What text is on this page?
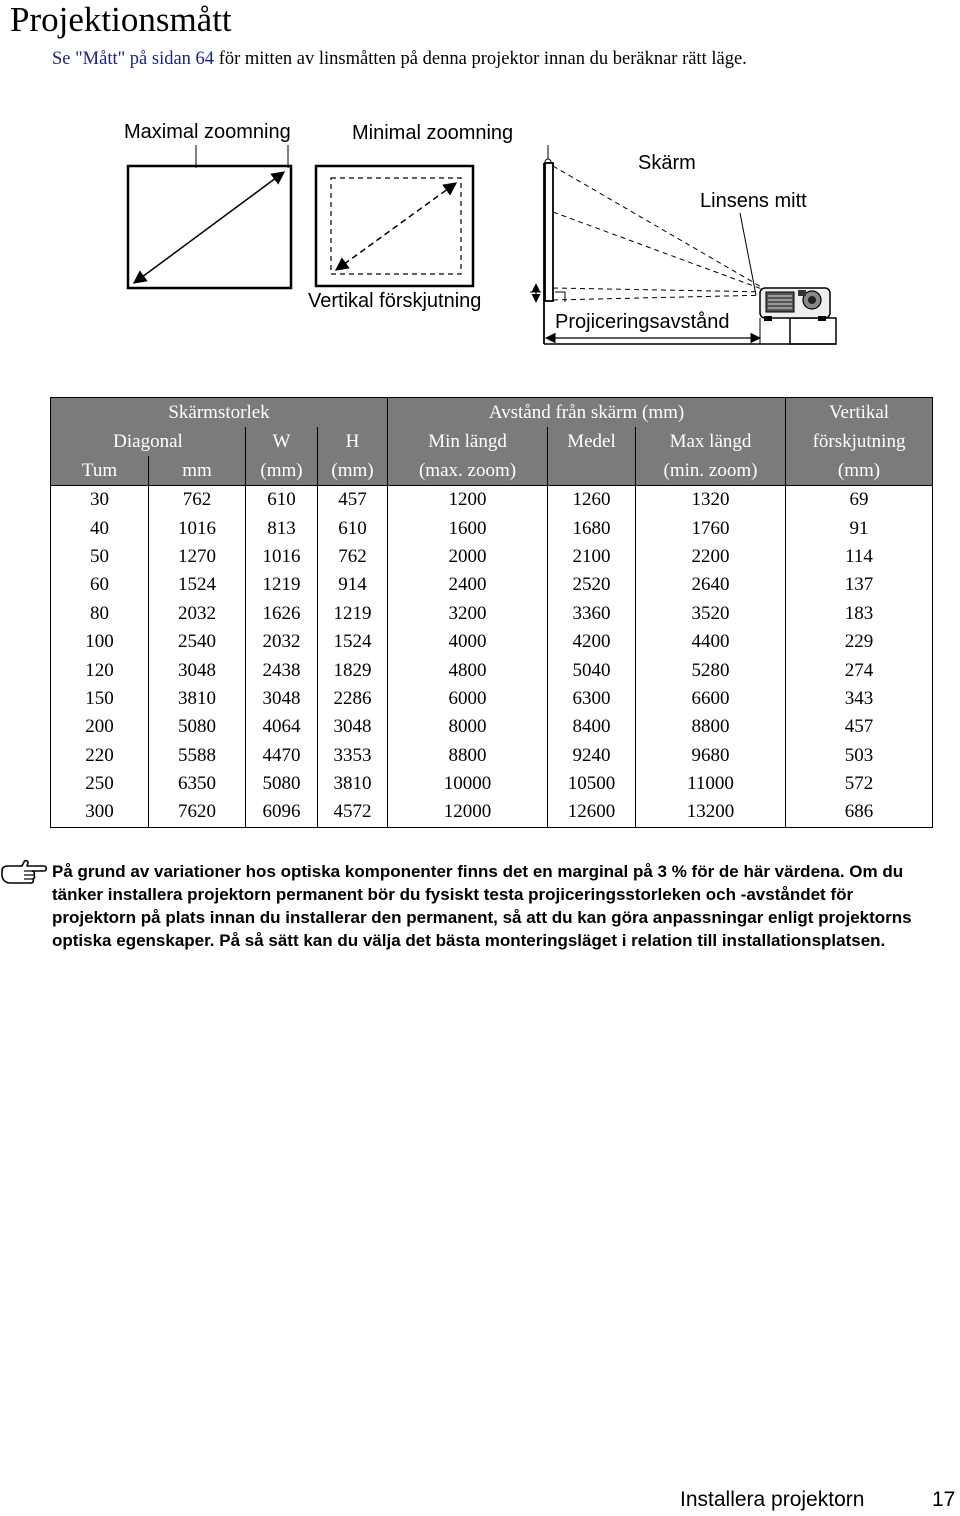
Projektionsmått

Se "Mått" på sidan 64 för mitten av linsmåtten på denna projektor innan du beräknar rätt läge.

Maximal zoomning	Minimal zoomning
Skärm
Linsens mitt
Vertikal förskjutning
Projiceringsavstånd
Skärmstorlek				Avstånd från skärm (mm)			Vertikal
Diagonal		W	H	Min längd	Medel	Max längd	förskjutning
Tum	mm	(mm)	(mm)	(max. zoom)		(min. zoom)	(mm)
30	762	610	457	1200	1260	1320	69
40	1016	813	610	1600	1680	1760	91
50	1270	1016	762	2000	2100	2200	114
60	1524	1219	914	2400	2520	2640	137
80	2032	1626	1219	3200	3360	3520	183
100	2540	2032	1524	4000	4200	4400	229
120	3048	2438	1829	4800	5040	5280	274
150	3810	3048	2286	6000	6300	6600	343
200	5080	4064	3048	8000	8400	8800	457
220	5588	4470	3353	8800	9240	9680	503
250	6350	5080	3810	10000	10500	11000	572
300	7620	6096	4572	12000	12600	13200	686

På grund av variationer hos optiska komponenter finns det en marginal på 3 % för de här värdena. Om du tänker installera projektorn permanent bör du fysiskt testa projiceringsstorleken och -avståndet för projektorn på plats innan du installerar den permanent, så att du kan göra anpassningar enligt projektorns optiska egenskaper. På så sätt kan du välja det bästa monteringsläget i relation till installationsplatsen.

Installera projektorn	17
